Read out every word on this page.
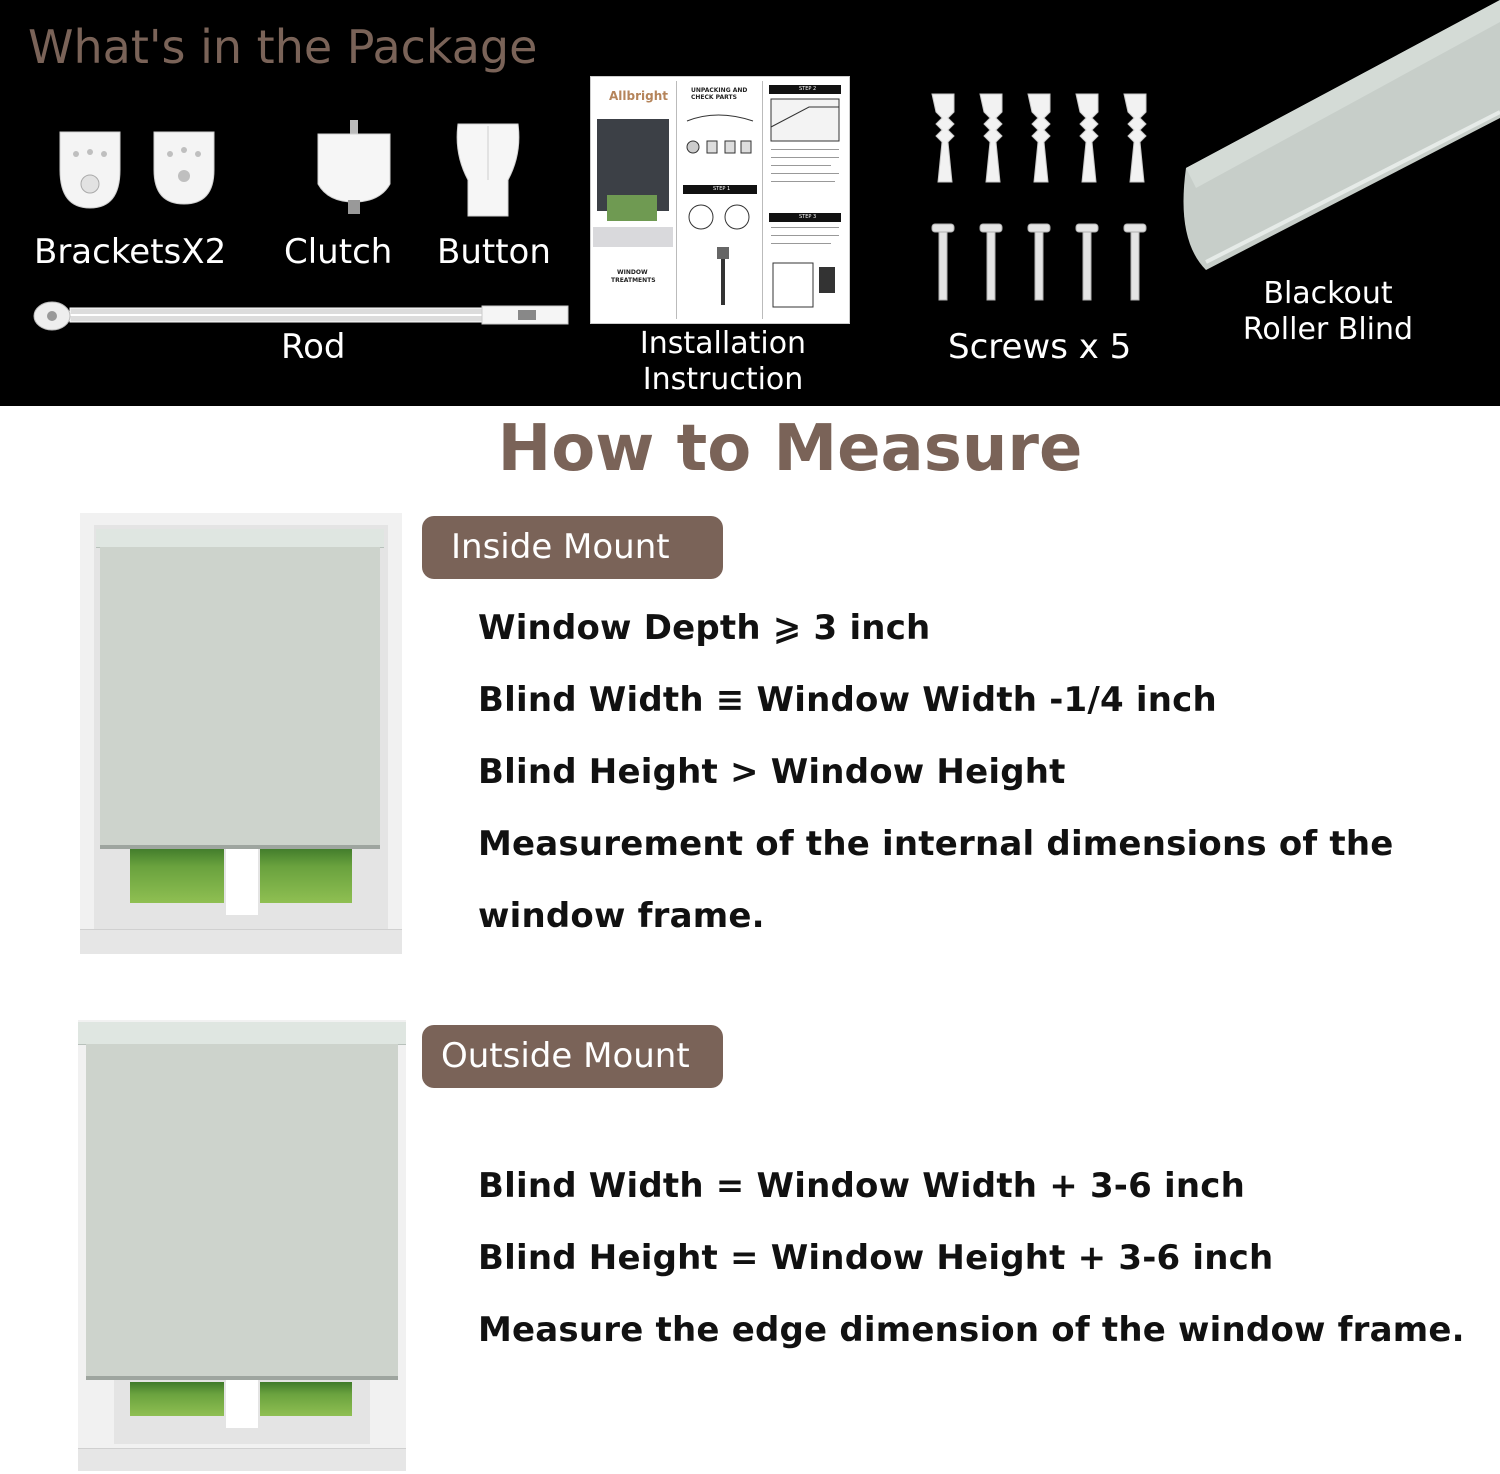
What's in the Package
BracketsX2 Clutch Button
Rod
Allbright
WINDOW
TREATMENTS
UNPACKING AND
CHECK PARTS
STEP 1
STEP 2
STEP 3
Installation
Instruction
Screws x 5
Blackout
Roller Blind
How to Measure
Inside Mount
Window Depth ⩾ 3 inch
Blind Width ≡ Window Width -1/4 inch
Blind Height > Window Height
Measurement of the internal dimensions of the
window frame.
Outside Mount
Blind Width = Window Width + 3-6 inch
Blind Height = Window Height + 3-6 inch
Measure the edge dimension of the window frame.
